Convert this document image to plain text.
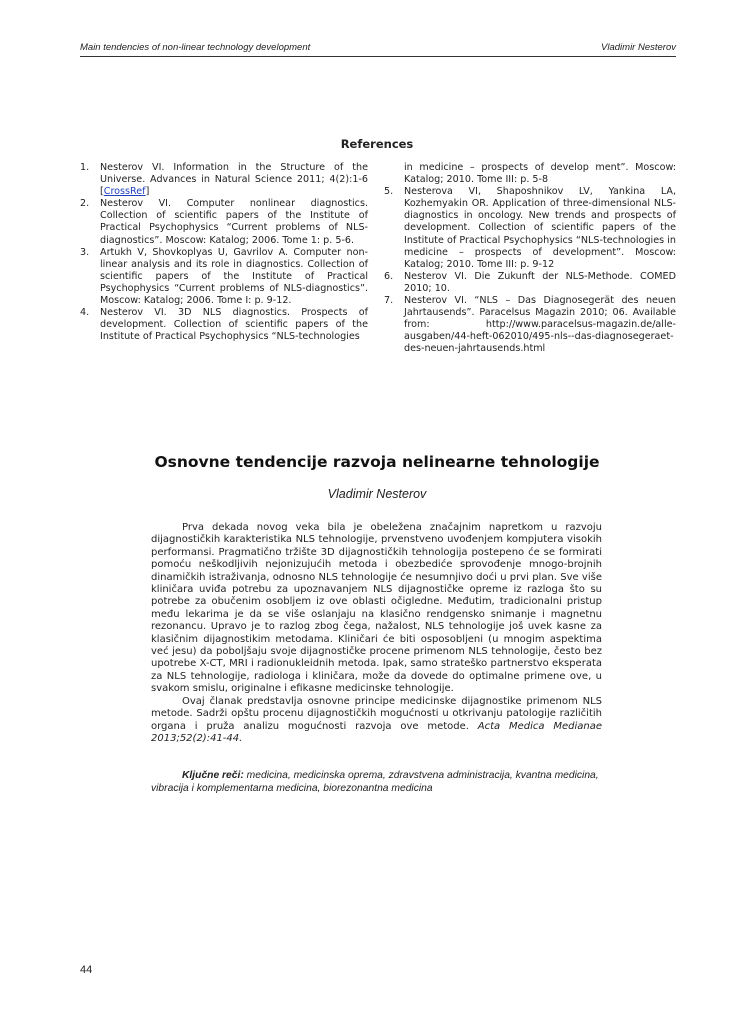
Main tendencies of non-linear technology development	Vladimir Nesterov
References
1. Nesterov VI. Information in the Structure of the Universe. Advances in Natural Science 2011; 4(2):1-6 [CrossRef]
2. Nesterov VI. Computer nonlinear diagnostics. Collection of scientific papers of the Institute of Practical Psychophysics “Current problems of NLS-diagnostics”. Moscow: Katalog; 2006. Tome 1: p. 5-6.
3. Artukh V, Shovkoplyas U, Gavrilov A. Computer non-linear analysis and its role in diagnostics. Collection of scientific papers of the Institute of Practical Psychophysics “Current problems of NLS-diagnostics”. Moscow: Katalog; 2006. Tome I: p. 9-12.
4. Nesterov VI. 3D NLS diagnostics. Prospects of development. Collection of scientific papers of the Institute of Practical Psychophysics “NLS-technologies
in medicine – prospects of develop ment”. Moscow: Katalog; 2010. Tome III: p. 5-8
5. Nesterova VI, Shaposhnikov LV, Yankina LA, Kozhemyakin OR. Application of three-dimensional NLS-diagnostics in oncology. New trends and prospects of development. Collection of scientific papers of the Institute of Practical Psychophysics “NLS-technologies in medicine – prospects of development”. Moscow: Katalog; 2010. Tome III: p. 9-12
6. Nesterov VI. Die Zukunft der NLS-Methode. COMED 2010; 10.
7. Nesterov VI. “NLS – Das Diagnosegerät des neuen Jahrtausends”. Paracelsus Magazin 2010; 06. Available from: http://www.paracelsus-magazin.de/alle-ausgaben/44-heft-062010/495-nls--das-diagnosegeraet-des-neuen-jahrtausends.html
Osnovne tendencije razvoja nelinearne tehnologije
Vladimir Nesterov

Prva dekada novog veka bila je obeležena značajnim napretkom u razvoju dijagnostičkih karakteristika NLS tehnologije, prvenstveno uvođenjem kompjutera visokih performansi. Pragmatično tržište 3D dijagnostičkih tehnologija postepeno će se formirati pomoću neškodljivih nejonizujućih metoda i obezbediće sprovođenje mnogo-brojnih dinamičkih istraživanja, odnosno NLS tehnologije će nesumnjivo doći u prvi plan. Sve više kliničara uviđa potrebu za upoznavanjem NLS dijagnostičke opreme iz razloga što su potrebe za obučenim osobljem iz ove oblasti očigledne. Međutim, tradicionalni pristup među lekarima je da se više oslanjaju na klasično rendgensko snimanje i magnetnu rezonancu. Upravo je to razlog zbog čega, nažalost, NLS tehnologije još uvek kasne za klasičnim dijagnostikim metodama. Kliničari će biti osposobljeni (u mnogim aspektima već jesu) da poboljšaju svoje dijagnostičke procene primenom NLS tehnologije, često bez upotrebe X-CT, MRI i radionukleidnih metoda. Ipak, samo strateško partnerstvo eksperata za NLS tehnologije, radiologa i kliničara, može da dovede do optimalne primene ove, u svakom smislu, originalne i efikasne medicinske tehnologije.

Ovaj članak predstavlja osnovne principe medicinske dijagnostike primenom NLS metode. Sadrži opštu procenu dijagnostičkih mogućnosti u otkrivanju patologije različitih organa i pruža analizu mogućnosti razvoja ove metode. Acta Medica Medianae 2013;52(2):41-44.

Ključne reči: medicina, medicinska oprema, zdravstvena administracija, kvantna medicina, vibracija i komplementarna medicina, biorezonantna medicina
44
